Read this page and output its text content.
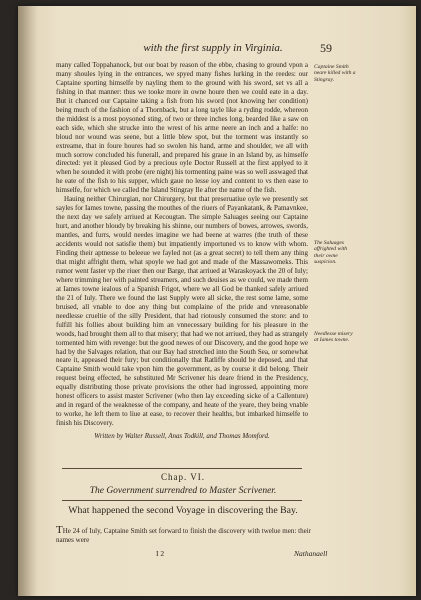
with the first supply in Virginia.	59

many called Toppahanock, but our boat by reason of the ebbe, chasing to ground vpon a many shoules lying in the entrances, we spyed many fishes lurking in the reedes: our Captaine sporting himselfe by nayling them to the ground with his sword, set vs all a fishing in that manner: thus we tooke more in owne houre then we could eate in a day. But it chanced our Captaine taking a fish from his sword (not knowing her condition) being much of the fashion of a Thornback, but a long tayle like a ryding rodde, whereon the middest is a most poysoned sting, of two or three inches long, bearded like a saw on each side, which she strucke into the wrest of his arme neere an inch and a halfe: no bloud nor wound was seene, but a little blew spot, but the torment was instantly so extreame, that in foure houres had so swolen his hand, arme and shoulder, we all with much sorrow concluded his funerall, and prepared his graue in an Island by, as himselfe directed: yet it pleased God by a precious oyle Doctor Russell at the first applyed to it when he sounded it with probe (ere night) his tormenting paine was so well asswaged that he eate of the fish to his supper, which gaue no lesse ioy and content to vs then ease to himselfe, for which we called the Island Stingray Ile after the name of the fish.

Hauing neither Chirurgian, nor Chirurgery, but that preseruatiue oyle we presently set sayles for Iames towne, passing the mouthes of the riuers of Payankatank, & Pamavnkee, the next day we safely arriued at Kecougtan. The simple Saluages seeing our Captaine hurt, and another bloudy by breaking his shinne, our numbers of bowes, arrowes, swords, mantles, and furrs, would needes imagine we had beene at warres (the truth of these accidents would not satisfie them) but impatiently importuned vs to know with whom. Finding their aptnesse to beleeue we fayled not (as a great secret) to tell them any thing that might affright them, what spoyle we had got and made of the Massawomeks. This rumor went faster vp the riuer then our Barge, that arriued at Waraskoyack the 20 of Iuly; where trimming her with painted streamers, and such deuises as we could, we made them at Iames towne iealous of a Spanish Frigot, where we all God be thanked safely arriued the 21 of Iuly. There we found the last Supply were all sicke, the rest some lame, some bruised, all vnable to doe any thing but complaine of the pride and vnreasonable needlesse crueltie of the silly President, that had riotously consumed the store: and to fulfill his follies about building him an vnnecessary building for his pleasure in the woods, had brought them all to that misery; that had we not arriued, they had as strangely tormented him with revenge: but the good newes of our Discovery, and the good hope we had by the Salvages relation, that our Bay had stretched into the South Sea, or somewhat neare it, appeased their fury; but conditionally that Ratliffe should be deposed, and that Captaine Smith would take vpon him the government, as by course it did belong. Their request being effected, he substituted Mr Scrivener his deare friend in the Presidency, equally distributing those private provisions the other had ingrossed, appointing more honest officers to assist master Scrivener (who then lay exceeding sicke of a Callenture) and in regard of the weaknesse of the company, and heate of the yeare, they being vnable to worke, he left them to liue at ease, to recover their healths, but imbarked himselfe to finish his Discovery.

Written by Walter Russell, Anas Todkill, and Thomas Momford.

Captaine Smith neare killed with a Stingray.
The Saluages affrighted with their owne suspicion.
Needlesse misery at Iames towne.
Chap. VI.
The Government surrendred to Master Scrivener.
What happened the second Voyage in discovering the Bay.
THe 24 of Iuly, Captaine Smith set forward to finish the discovery with twelue men: their names were
I 2	Nathanaell
